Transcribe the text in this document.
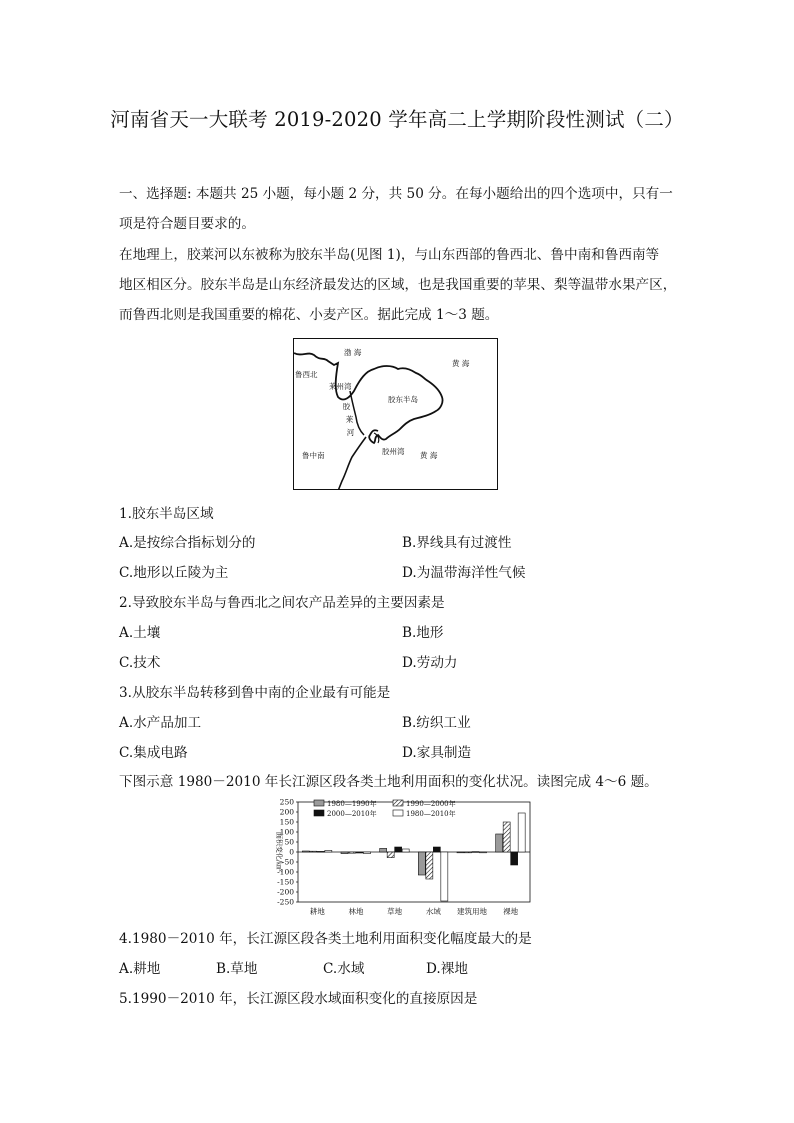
河南省天一大联考 2019-2020 学年高二上学期阶段性测试（二）
一、选择题: 本题共 25 小题，每小题 2 分，共 50 分。在每小题给出的四个选项中，只有一
项是符合题目要求的。
在地理上，胶莱河以东被称为胶东半岛(见图 1)，与山东西部的鲁西北、鲁中南和鲁西南等
地区相区分。胶东半岛是山东经济最发达的区域，也是我国重要的苹果、梨等温带水果产区，
而鲁西北则是我国重要的棉花、小麦产区。据此完成 1～3 题。
渤 海
黄 海
鲁西北
莱州湾
胶东半岛
胶
莱
河
鲁中南	胶州湾 黄 海
1.胶东半岛区域
A.是按综合指标划分的	B.界线具有过渡性
C.地形以丘陵为主	D.为温带海洋性气候
2.导致胶东半岛与鲁西北之间农产品差异的主要因素是
A.土壤	B.地形
C.技术	D.劳动力
3.从胶东半岛转移到鲁中南的企业最有可能是
A.水产品加工	B.纺织工业
C.集成电路	D.家具制造
下图示意 1980－2010 年长江源区段各类土地利用面积的变化状况。读图完成 4～6 题。
250
200
150
100
50
0
-50
-100
-150
-200
-250
面积变化/㎞²
耕地	林地	草地	水域 建筑用地 裸地
1980—1990年	1990—2000年
2000—2010年	1980—2010年
4.1980－2010 年，长江源区段各类土地利用面积变化幅度最大的是
A.耕地	B.草地	C.水域	D.裸地
5.1990－2010 年，长江源区段水域面积变化的直接原因是
